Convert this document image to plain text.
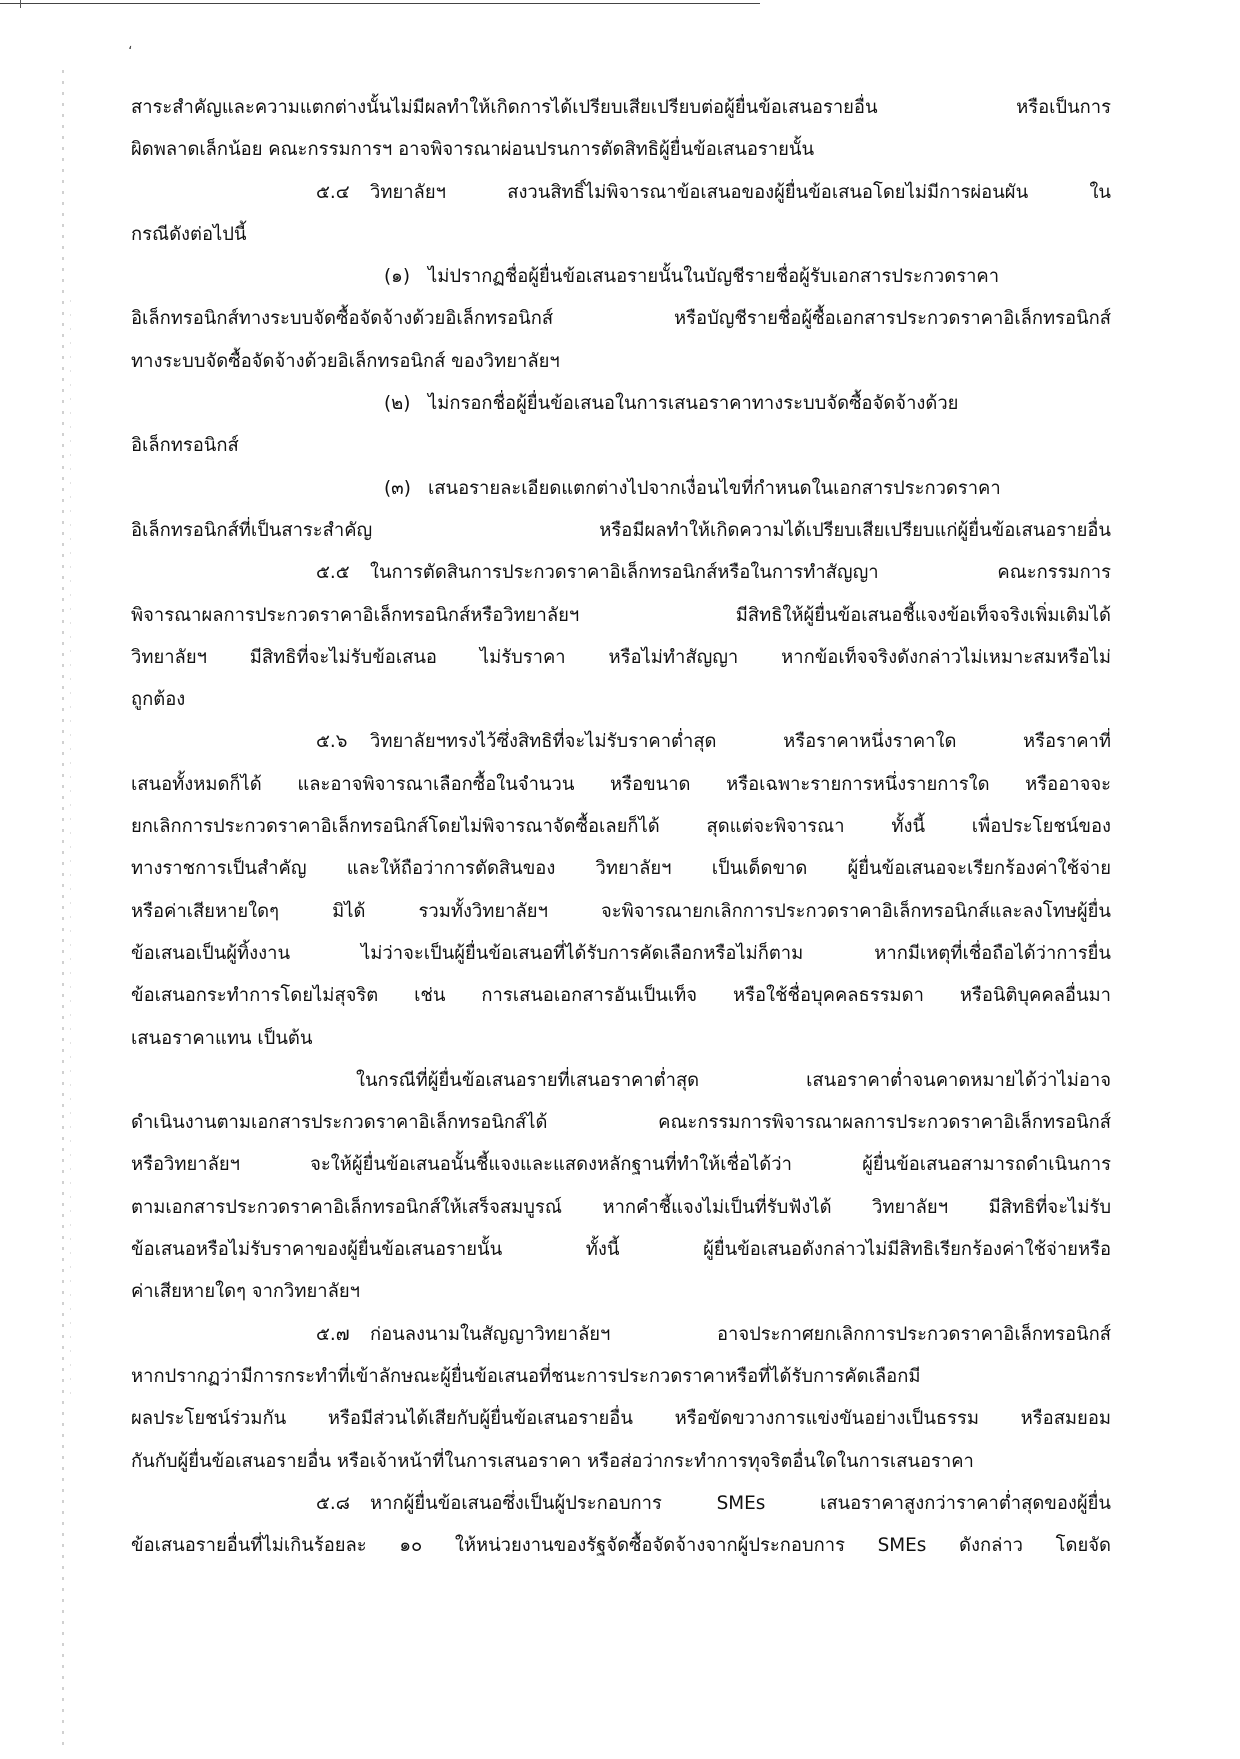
،
สาระสำคัญและความแตกต่างนั้นไม่มีผลทำให้เกิดการได้เปรียบเสียเปรียบต่อผู้ยื่นข้อเสนอรายอื่น หรือเป็นการ
ผิดพลาดเล็กน้อย คณะกรรมการฯ อาจพิจารณาผ่อนปรนการตัดสิทธิผู้ยื่นข้อเสนอรายนั้น
๕.๔ วิทยาลัยฯ สงวนสิทธิ์ไม่พิจารณาข้อเสนอของผู้ยื่นข้อเสนอโดยไม่มีการผ่อนผัน ใน
กรณีดังต่อไปนี้
(๑) ไม่ปรากฏชื่อผู้ยื่นข้อเสนอรายนั้นในบัญชีรายชื่อผู้รับเอกสารประกวดราคา
อิเล็กทรอนิกส์ทางระบบจัดซื้อจัดจ้างด้วยอิเล็กทรอนิกส์ หรือบัญชีรายชื่อผู้ซื้อเอกสารประกวดราคาอิเล็กทรอนิกส์
ทางระบบจัดซื้อจัดจ้างด้วยอิเล็กทรอนิกส์ ของวิทยาลัยฯ
(๒) ไม่กรอกชื่อผู้ยื่นข้อเสนอในการเสนอราคาทางระบบจัดซื้อจัดจ้างด้วย
อิเล็กทรอนิกส์
(๓) เสนอรายละเอียดแตกต่างไปจากเงื่อนไขที่กำหนดในเอกสารประกวดราคา
อิเล็กทรอนิกส์ที่เป็นสาระสำคัญ หรือมีผลทำให้เกิดความได้เปรียบเสียเปรียบแก่ผู้ยื่นข้อเสนอรายอื่น
๕.๕ ในการตัดสินการประกวดราคาอิเล็กทรอนิกส์หรือในการทำสัญญา คณะกรรมการ
พิจารณาผลการประกวดราคาอิเล็กทรอนิกส์หรือวิทยาลัยฯ มีสิทธิให้ผู้ยื่นข้อเสนอชี้แจงข้อเท็จจริงเพิ่มเติมได้
วิทยาลัยฯ มีสิทธิที่จะไม่รับข้อเสนอ ไม่รับราคา หรือไม่ทำสัญญา หากข้อเท็จจริงดังกล่าวไม่เหมาะสมหรือไม่
ถูกต้อง
๕.๖ วิทยาลัยฯทรงไว้ซึ่งสิทธิที่จะไม่รับราคาต่ำสุด หรือราคาหนึ่งราคาใด หรือราคาที่
เสนอทั้งหมดก็ได้ และอาจพิจารณาเลือกซื้อในจำนวน หรือขนาด หรือเฉพาะรายการหนึ่งรายการใด หรืออาจจะ
ยกเลิกการประกวดราคาอิเล็กทรอนิกส์โดยไม่พิจารณาจัดซื้อเลยก็ได้ สุดแต่จะพิจารณา ทั้งนี้ เพื่อประโยชน์ของ
ทางราชการเป็นสำคัญ และให้ถือว่าการตัดสินของ วิทยาลัยฯ เป็นเด็ดขาด ผู้ยื่นข้อเสนอจะเรียกร้องค่าใช้จ่าย
หรือค่าเสียหายใดๆ มิได้ รวมทั้งวิทยาลัยฯ จะพิจารณายกเลิกการประกวดราคาอิเล็กทรอนิกส์และลงโทษผู้ยื่น
ข้อเสนอเป็นผู้ทิ้งงาน ไม่ว่าจะเป็นผู้ยื่นข้อเสนอที่ได้รับการคัดเลือกหรือไม่ก็ตาม หากมีเหตุที่เชื่อถือได้ว่าการยื่น
ข้อเสนอกระทำการโดยไม่สุจริต เช่น การเสนอเอกสารอันเป็นเท็จ หรือใช้ชื่อบุคคลธรรมดา หรือนิติบุคคลอื่นมา
เสนอราคาแทน เป็นต้น
ในกรณีที่ผู้ยื่นข้อเสนอรายที่เสนอราคาต่ำสุด เสนอราคาต่ำจนคาดหมายได้ว่าไม่อาจ
ดำเนินงานตามเอกสารประกวดราคาอิเล็กทรอนิกส์ได้ คณะกรรมการพิจารณาผลการประกวดราคาอิเล็กทรอนิกส์
หรือวิทยาลัยฯ จะให้ผู้ยื่นข้อเสนอนั้นชี้แจงและแสดงหลักฐานที่ทำให้เชื่อได้ว่า ผู้ยื่นข้อเสนอสามารถดำเนินการ
ตามเอกสารประกวดราคาอิเล็กทรอนิกส์ให้เสร็จสมบูรณ์ หากคำชี้แจงไม่เป็นที่รับฟังได้ วิทยาลัยฯ มีสิทธิที่จะไม่รับ
ข้อเสนอหรือไม่รับราคาของผู้ยื่นข้อเสนอรายนั้น ทั้งนี้ ผู้ยื่นข้อเสนอดังกล่าวไม่มีสิทธิเรียกร้องค่าใช้จ่ายหรือ
ค่าเสียหายใดๆ จากวิทยาลัยฯ
๕.๗ ก่อนลงนามในสัญญาวิทยาลัยฯ อาจประกาศยกเลิกการประกวดราคาอิเล็กทรอนิกส์
หากปรากฏว่ามีการกระทำที่เข้าลักษณะผู้ยื่นข้อเสนอที่ชนะการประกวดราคาหรือที่ได้รับการคัดเลือกมี
ผลประโยชน์ร่วมกัน หรือมีส่วนได้เสียกับผู้ยื่นข้อเสนอรายอื่น หรือขัดขวางการแข่งขันอย่างเป็นธรรม หรือสมยอม
กันกับผู้ยื่นข้อเสนอรายอื่น หรือเจ้าหน้าที่ในการเสนอราคา หรือส่อว่ากระทำการทุจริตอื่นใดในการเสนอราคา
๕.๘ หากผู้ยื่นข้อเสนอซึ่งเป็นผู้ประกอบการ SMEs เสนอราคาสูงกว่าราคาต่ำสุดของผู้ยื่น
ข้อเสนอรายอื่นที่ไม่เกินร้อยละ ๑๐ ให้หน่วยงานของรัฐจัดซื้อจัดจ้างจากผู้ประกอบการ SMEs ดังกล่าว โดยจัด
